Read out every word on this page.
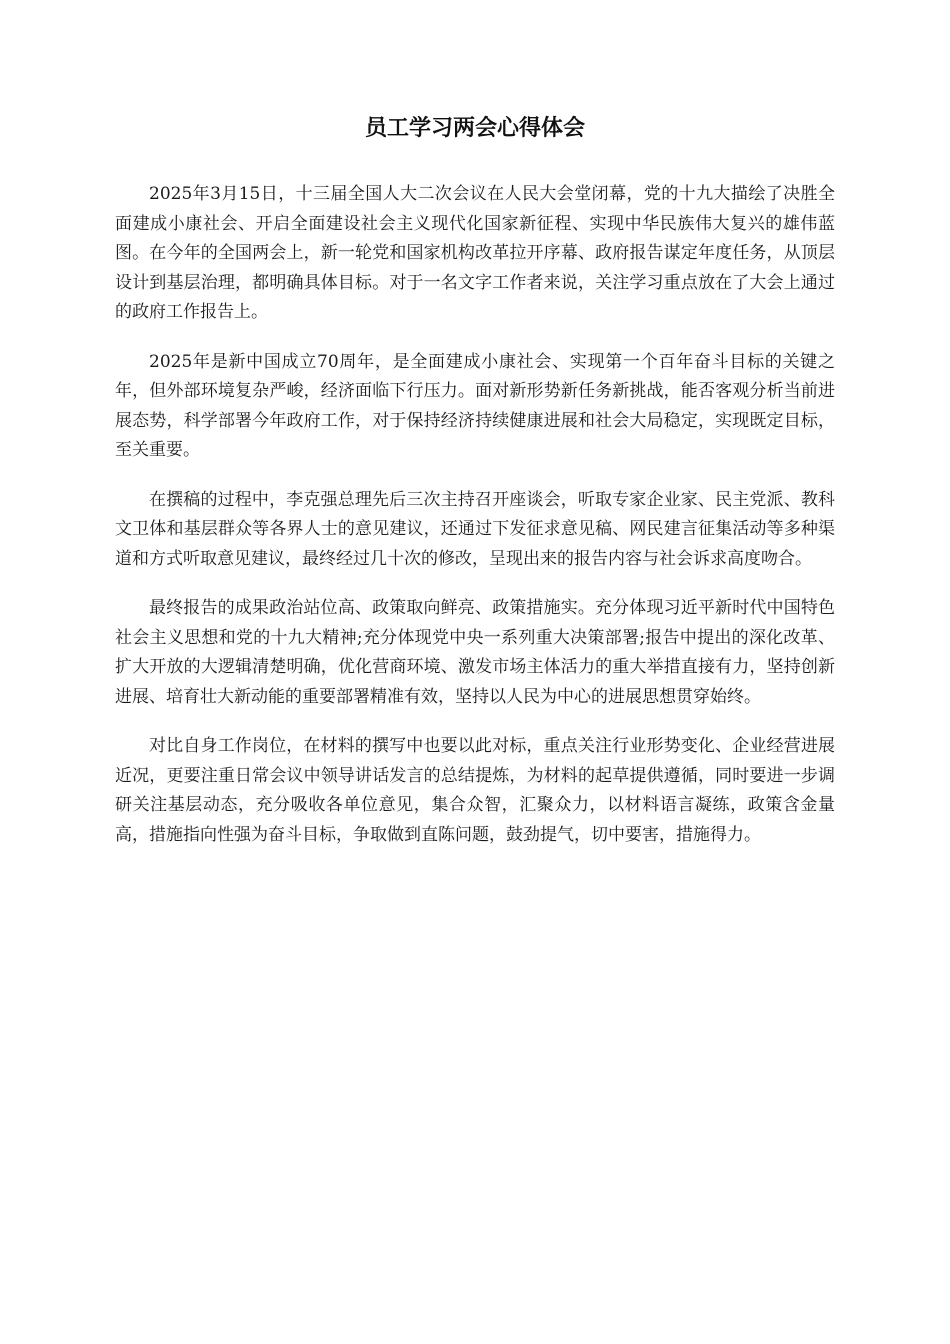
员工学习两会心得体会

2025年3月15日，十三届全国人大二次会议在人民大会堂闭幕，党的十九大描绘了决胜全面建成小康社会、开启全面建设社会主义现代化国家新征程、实现中华民族伟大复兴的雄伟蓝图。在今年的全国两会上，新一轮党和国家机构改革拉开序幕、政府报告谋定年度任务，从顶层设计到基层治理，都明确具体目标。对于一名文字工作者来说，关注学习重点放在了大会上通过的政府工作报告上。

2025年是新中国成立70周年，是全面建成小康社会、实现第一个百年奋斗目标的关键之年，但外部环境复杂严峻，经济面临下行压力。面对新形势新任务新挑战，能否客观分析当前进展态势，科学部署今年政府工作，对于保持经济持续健康进展和社会大局稳定，实现既定目标，至关重要。

在撰稿的过程中，李克强总理先后三次主持召开座谈会，听取专家企业家、民主党派、教科文卫体和基层群众等各界人士的意见建议，还通过下发征求意见稿、网民建言征集活动等多种渠道和方式听取意见建议，最终经过几十次的修改，呈现出来的报告内容与社会诉求高度吻合。

最终报告的成果政治站位高、政策取向鲜亮、政策措施实。充分体现习近平新时代中国特色社会主义思想和党的十九大精神;充分体现党中央一系列重大决策部署;报告中提出的深化改革、扩大开放的大逻辑清楚明确，优化营商环境、激发市场主体活力的重大举措直接有力，坚持创新进展、培育壮大新动能的重要部署精准有效，坚持以人民为中心的进展思想贯穿始终。

对比自身工作岗位，在材料的撰写中也要以此对标，重点关注行业形势变化、企业经营进展近况，更要注重日常会议中领导讲话发言的总结提炼，为材料的起草提供遵循，同时要进一步调研关注基层动态，充分吸收各单位意见，集合众智，汇聚众力，以材料语言凝练，政策含金量高，措施指向性强为奋斗目标，争取做到直陈问题，鼓劲提气，切中要害，措施得力。
